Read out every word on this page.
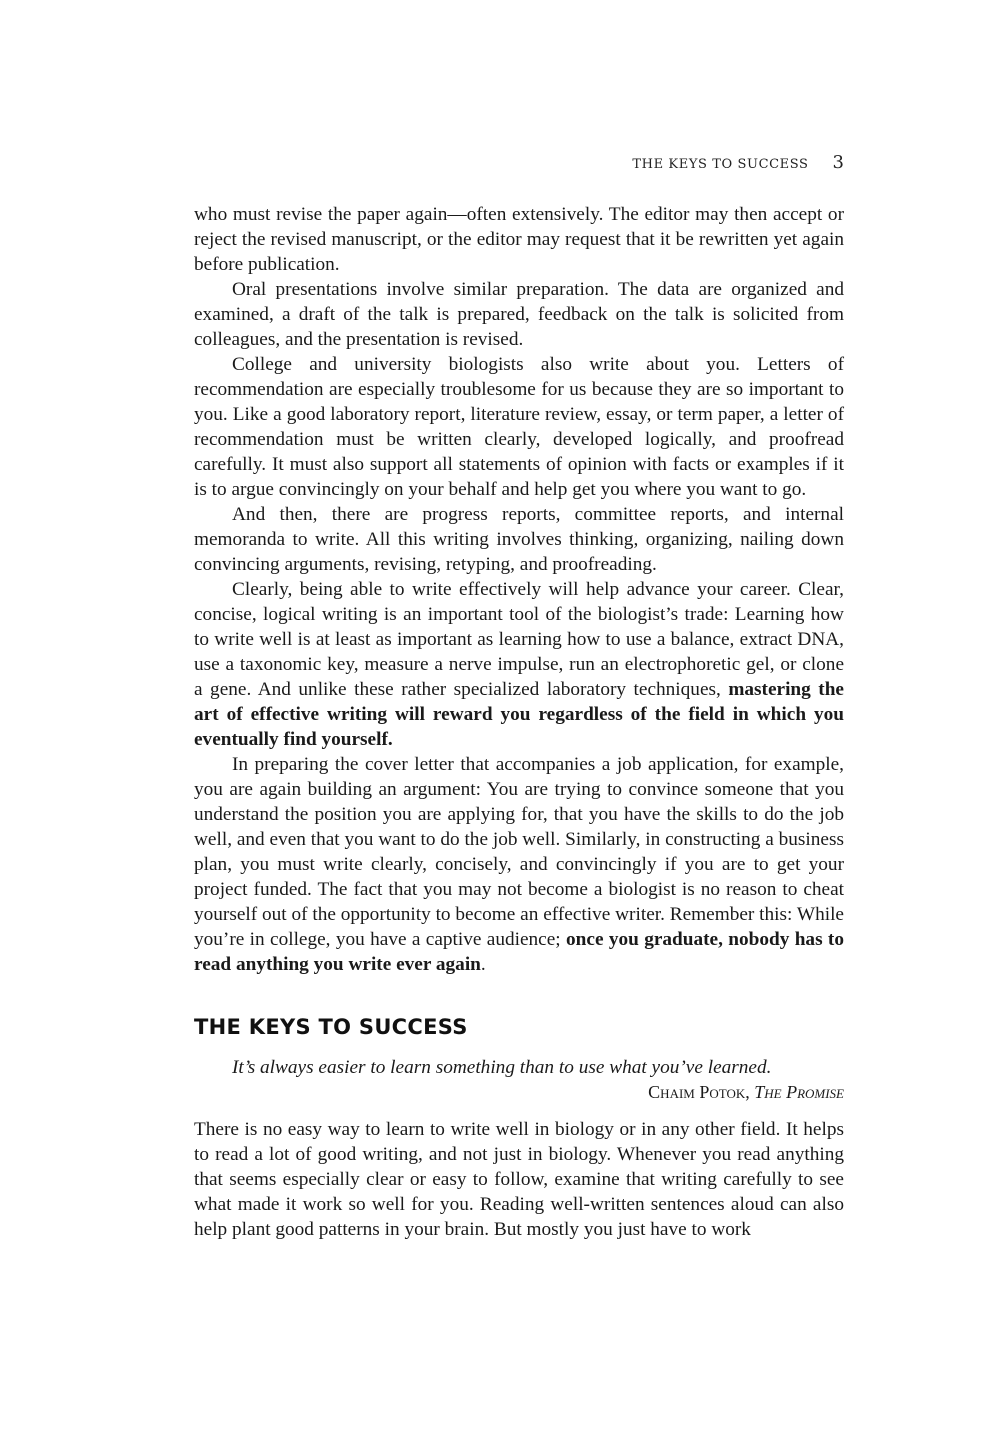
THE KEYS TO SUCCESS 3

who must revise the paper again—often extensively. The editor may then accept or reject the revised manuscript, or the editor may request that it be rewritten yet again before publication.

Oral presentations involve similar preparation. The data are organized and examined, a draft of the talk is prepared, feedback on the talk is solicited from colleagues, and the presentation is revised.

College and university biologists also write about you. Letters of recommendation are especially troublesome for us because they are so important to you. Like a good laboratory report, literature review, essay, or term paper, a letter of recommendation must be written clearly, developed logically, and proofread carefully. It must also support all statements of opinion with facts or examples if it is to argue convincingly on your behalf and help get you where you want to go.

And then, there are progress reports, committee reports, and internal memoranda to write. All this writing involves thinking, organizing, nailing down convincing arguments, revising, retyping, and proofreading.

Clearly, being able to write effectively will help advance your career. Clear, concise, logical writing is an important tool of the biologist’s trade: Learning how to write well is at least as important as learning how to use a balance, extract DNA, use a taxonomic key, measure a nerve impulse, run an electrophoretic gel, or clone a gene. And unlike these rather specialized laboratory techniques, mastering the art of effective writing will reward you regardless of the field in which you eventually find yourself.

In preparing the cover letter that accompanies a job application, for example, you are again building an argument: You are trying to convince someone that you understand the position you are applying for, that you have the skills to do the job well, and even that you want to do the job well. Similarly, in constructing a business plan, you must write clearly, concisely, and convincingly if you are to get your project funded. The fact that you may not become a biologist is no reason to cheat yourself out of the opportunity to become an effective writer. Remember this: While you’re in college, you have a captive audience; once you graduate, nobody has to read anything you write ever again.

THE KEYS TO SUCCESS
It’s always easier to learn something than to use what you’ve learned.
Chaim Potok, The Promise

There is no easy way to learn to write well in biology or in any other field. It helps to read a lot of good writing, and not just in biology. Whenever you read anything that seems especially clear or easy to follow, examine that writing carefully to see what made it work so well for you. Reading well-written sentences aloud can also help plant good patterns in your brain. But mostly you just have to work
